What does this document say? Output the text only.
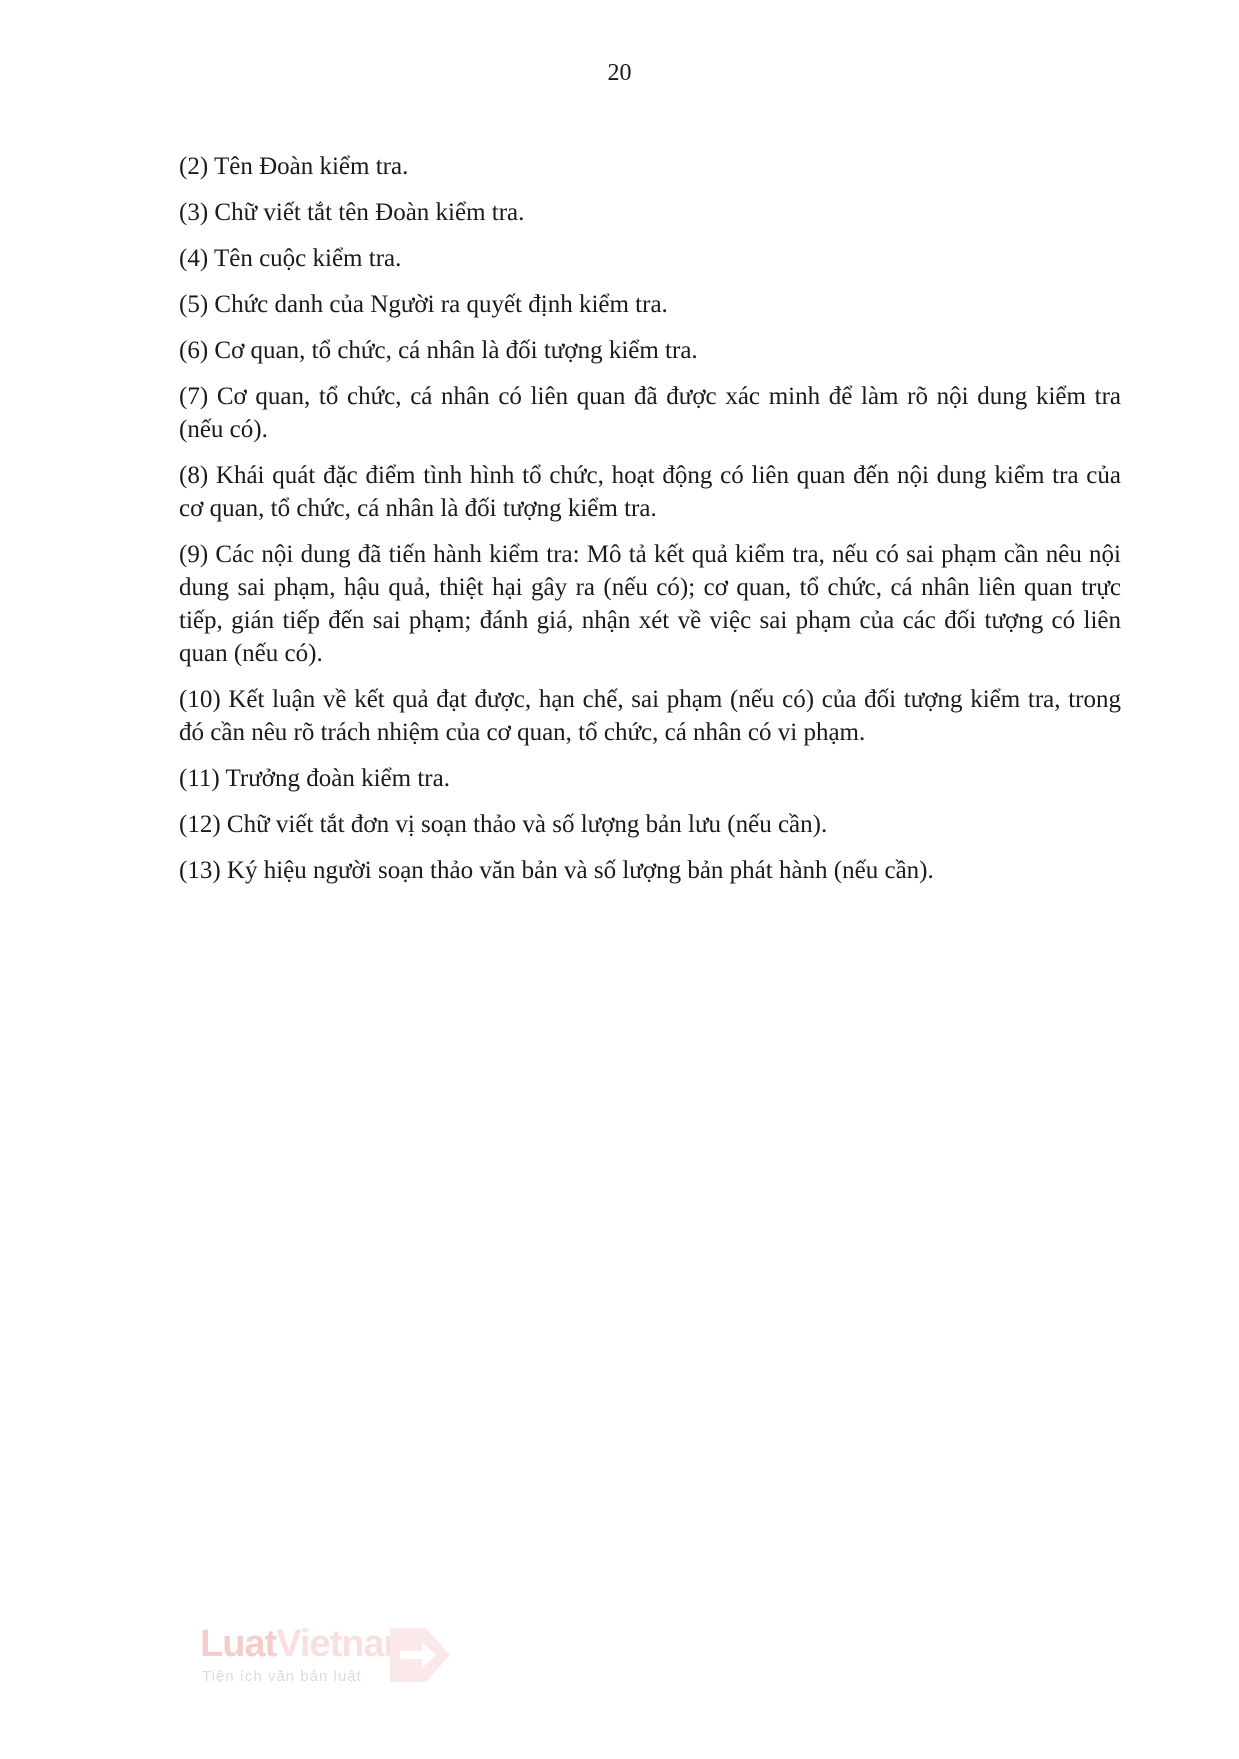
20

(2) Tên Đoàn kiểm tra.

(3) Chữ viết tắt tên Đoàn kiểm tra.

(4) Tên cuộc kiểm tra.

(5) Chức danh của Người ra quyết định kiểm tra.

(6) Cơ quan, tổ chức, cá nhân là đối tượng kiểm tra.

(7) Cơ quan, tổ chức, cá nhân có liên quan đã được xác minh để làm rõ nội dung kiểm tra (nếu có).

(8) Khái quát đặc điểm tình hình tổ chức, hoạt động có liên quan đến nội dung kiểm tra của cơ quan, tổ chức, cá nhân là đối tượng kiểm tra.

(9) Các nội dung đã tiến hành kiểm tra: Mô tả kết quả kiểm tra, nếu có sai phạm cần nêu nội dung sai phạm, hậu quả, thiệt hại gây ra (nếu có); cơ quan, tổ chức, cá nhân liên quan trực tiếp, gián tiếp đến sai phạm; đánh giá, nhận xét về việc sai phạm của các đối tượng có liên quan (nếu có).

(10) Kết luận về kết quả đạt được, hạn chế, sai phạm (nếu có) của đối tượng kiểm tra, trong đó cần nêu rõ trách nhiệm của cơ quan, tổ chức, cá nhân có vi phạm.

(11) Trưởng đoàn kiểm tra.

(12) Chữ viết tắt đơn vị soạn thảo và số lượng bản lưu (nếu cần).

(13) Ký hiệu người soạn thảo văn bản và số lượng bản phát hành (nếu cần).

LuatVietnam
Tiện ích văn bản luật
